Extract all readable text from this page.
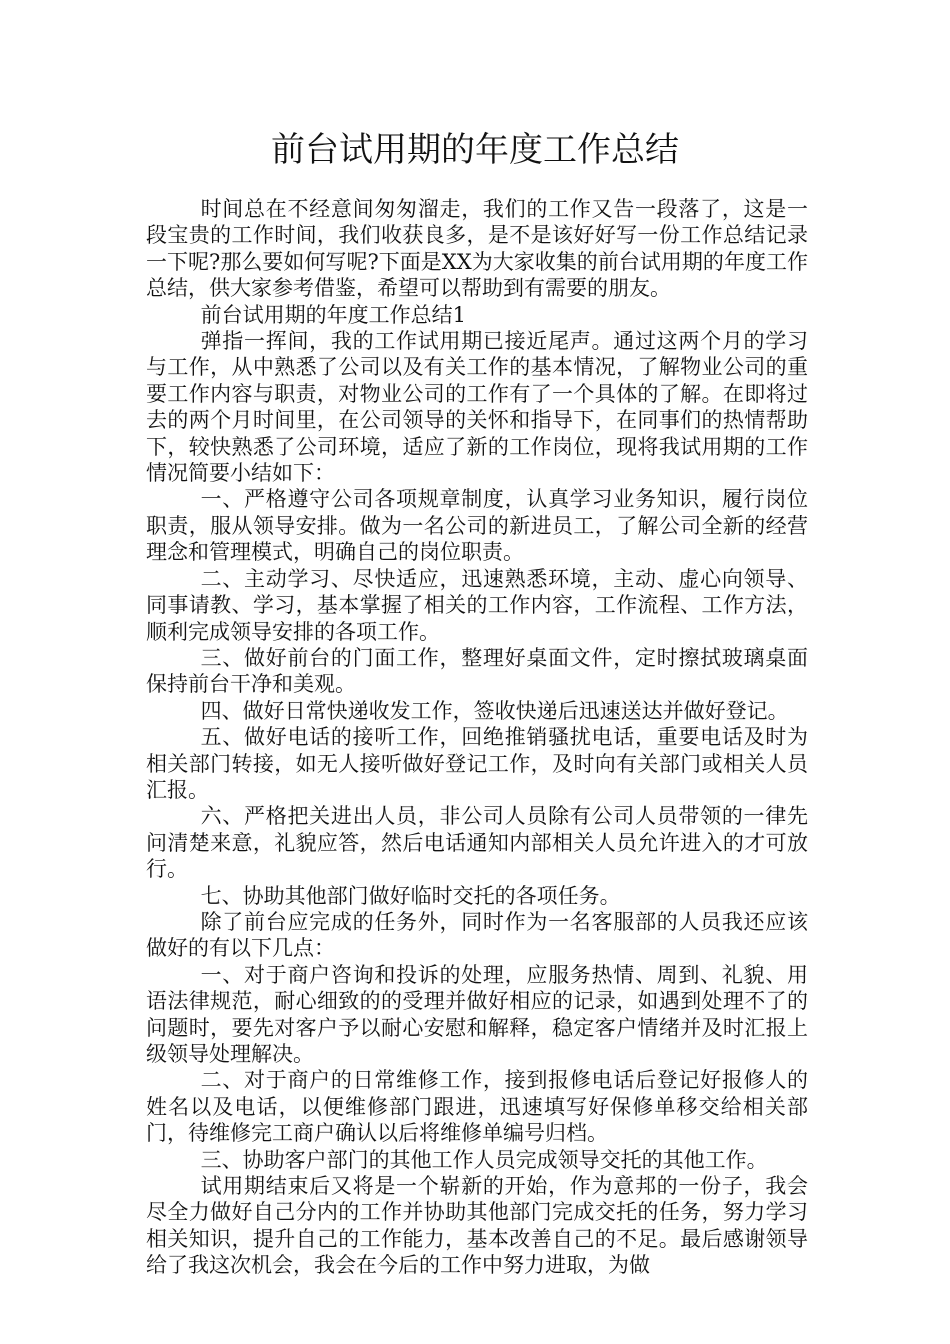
前台试用期的年度工作总结

时间总在不经意间匆匆溜走，我们的工作又告一段落了，这是一段宝贵的工作时间，我们收获良多，是不是该好好写一份工作总结记录一下呢?那么要如何写呢?下面是XX为大家收集的前台试用期的年度工作总结，供大家参考借鉴，希望可以帮助到有需要的朋友。

前台试用期的年度工作总结1

弹指一挥间，我的工作试用期已接近尾声。通过这两个月的学习与工作，从中熟悉了公司以及有关工作的基本情况，了解物业公司的重要工作内容与职责，对物业公司的工作有了一个具体的了解。在即将过去的两个月时间里，在公司领导的关怀和指导下，在同事们的热情帮助下，较快熟悉了公司环境，适应了新的工作岗位，现将我试用期的工作情况简要小结如下：

一、严格遵守公司各项规章制度，认真学习业务知识，履行岗位职责，服从领导安排。做为一名公司的新进员工，了解公司全新的经营理念和管理模式，明确自己的岗位职责。

二、主动学习、尽快适应，迅速熟悉环境，主动、虚心向领导、同事请教、学习，基本掌握了相关的工作内容，工作流程、工作方法，顺利完成领导安排的各项工作。

三、做好前台的门面工作，整理好桌面文件，定时擦拭玻璃桌面保持前台干净和美观。

四、做好日常快递收发工作，签收快递后迅速送达并做好登记。

五、做好电话的接听工作，回绝推销骚扰电话，重要电话及时为相关部门转接，如无人接听做好登记工作，及时向有关部门或相关人员汇报。

六、严格把关进出人员，非公司人员除有公司人员带领的一律先问清楚来意，礼貌应答，然后电话通知内部相关人员允许进入的才可放行。

七、协助其他部门做好临时交托的各项任务。

除了前台应完成的任务外，同时作为一名客服部的人员我还应该做好的有以下几点：

一、对于商户咨询和投诉的处理，应服务热情、周到、礼貌、用语法律规范，耐心细致的的受理并做好相应的记录，如遇到处理不了的问题时，要先对客户予以耐心安慰和解释，稳定客户情绪并及时汇报上级领导处理解决。

二、对于商户的日常维修工作，接到报修电话后登记好报修人的姓名以及电话，以便维修部门跟进，迅速填写好保修单移交给相关部门，待维修完工商户确认以后将维修单编号归档。

三、协助客户部门的其他工作人员完成领导交托的其他工作。

试用期结束后又将是一个崭新的开始，作为意邦的一份子，我会尽全力做好自己分内的工作并协助其他部门完成交托的任务，努力学习相关知识，提升自己的工作能力，基本改善自己的不足。最后感谢领导给了我这次机会，我会在今后的工作中努力进取，为做
